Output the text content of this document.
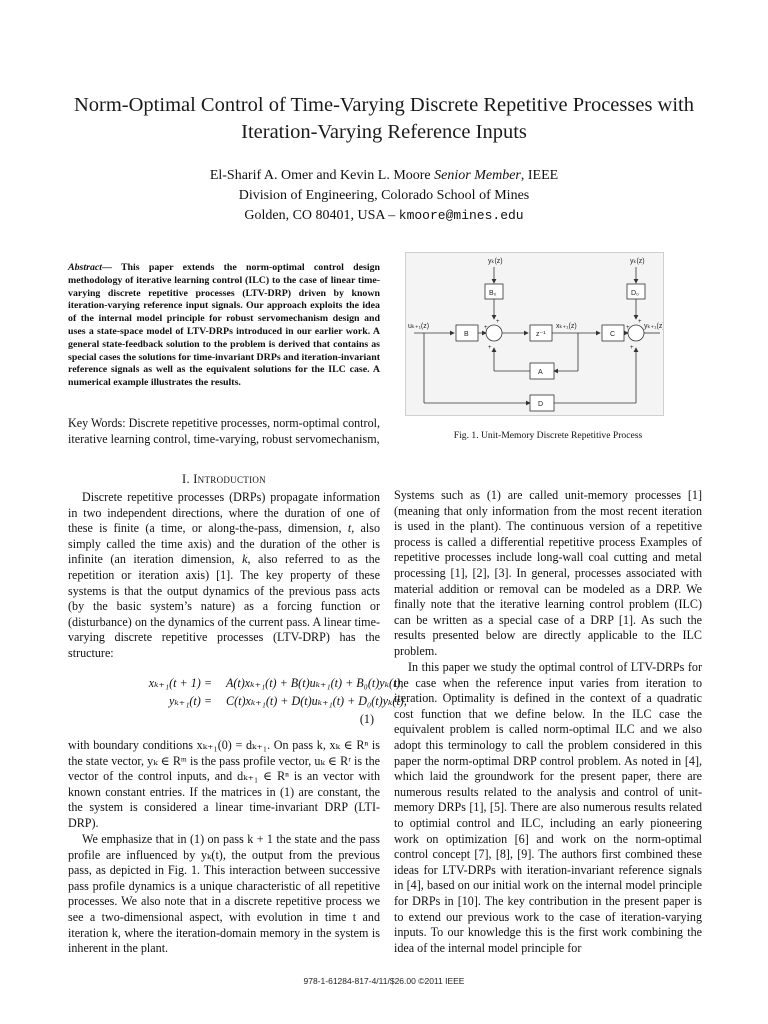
Norm-Optimal Control of Time-Varying Discrete Repetitive Processes with
Iteration-Varying Reference Inputs
El-Sharif A. Omer and Kevin L. Moore Senior Member, IEEE
Division of Engineering, Colorado School of Mines
Golden, CO 80401, USA – kmoore@mines.edu
Abstract— This paper extends the norm-optimal control design methodology of iterative learning control (ILC) to the case of linear time-varying discrete repetitive processes (LTV-DRP) driven by known iteration-varying reference input signals. Our approach exploits the idea of the internal model principle for robust servomechanism design and uses a state-space model of LTV-DRPs introduced in our earlier work. A general state-feedback solution to the problem is derived that contains as special cases the solutions for time-invariant DRPs and iteration-invariant reference signals as well as the equivalent solutions for the ILC case. A numerical example illustrates the results.
Key Words: Discrete repetitive processes, norm-optimal control, iterative learning control, time-varying, robust servomechanism,
I. Introduction
Discrete repetitive processes (DRPs) propagate information in two independent directions, where the duration of one of these is finite (a time, or along-the-pass, dimension, t, also simply called the time axis) and the duration of the other is infinite (an iteration dimension, k, also referred to as the repetition or iteration axis) [1]. The key property of these systems is that the output dynamics of the previous pass acts (by the basic system’s nature) as a forcing function or (disturbance) on the dynamics of the current pass. A linear time-varying discrete repetitive processes (LTV-DRP) has the structure:
xₖ₊₁(t + 1) = A(t)xₖ₊₁(t) + B(t)uₖ₊₁(t) + B₀(t)yₖ(t),
yₖ₊₁(t) = C(t)xₖ₊₁(t) + D(t)uₖ₊₁(t) + D₀(t)yₖ(t),
(1)
with boundary conditions xₖ₊₁(0) = dₖ₊₁. On pass k, xₖ ∈ Rⁿ is the state vector, yₖ ∈ Rᵐ is the pass profile vector, uₖ ∈ Rʳ is the vector of the control inputs, and dₖ₊₁ ∈ Rⁿ is an vector with known constant entries. If the matrices in (1) are constant, the the system is considered a linear time-invariant DRP (LTI-DRP).
We emphasize that in (1) on pass k + 1 the state and the pass profile are influenced by yₖ(t), the output from the previous pass, as depicted in Fig. 1. This interaction between successive pass profile dynamics is a unique characteristic of all repetitive processes. We also note that in a discrete repetitive process we see a two-dimensional aspect, with evolution in time t and iteration k, where the iteration-domain memory in the system is inherent in the plant.
Systems such as (1) are called unit-memory processes [1] (meaning that only information from the most recent iteration is used in the plant). The continuous version of a repetitive process is called a differential repetitive process Examples of repetitive processes include long-wall coal cutting and metal processing [1], [2], [3]. In general, processes associated with material addition or removal can be modeled as a DRP. We finally note that the iterative learning control problem (ILC) can be written as a special case of a DRP [1]. As such the results presented below are directly applicable to the ILC problem.
In this paper we study the optimal control of LTV-DRPs for the case when the reference input varies from iteration to iteration. Optimality is defined in the context of a quadratic cost function that we define below. In the ILC case the equivalent problem is called norm-optimal ILC and we also adopt this terminology to call the problem considered in this paper the norm-optimal DRP control problem. As noted in [4], which laid the groundwork for the present paper, there are numerous results related to the analysis and control of unit-memory DRPs [1], [5]. There are also numerous results related to optimial control and ILC, including an early pioneering work on optimization [6] and work on the norm-optimal control concept [7], [8], [9]. The authors first combined these ideas for LTV-DRPs with iteration-invariant reference signals in [4], based on our initial work on the internal model principle for DRPs in [10]. The key contribution in the present paper is to extend our previous work to the case of iteration-varying inputs. To our knowledge this is the first work combining the idea of the internal model principle for
yₖ(z)	yₖ(z)
B₀	D₀
uₖ₊₁(z)
B	z⁻¹
xₖ₊₁(z)
C
yₖ₊₁(z)
A
D
+
+
+
+
+
+
Fig. 1. Unit-Memory Discrete Repetitive Process
978-1-61284-817-4/11/$26.00 ©2011 IEEE
